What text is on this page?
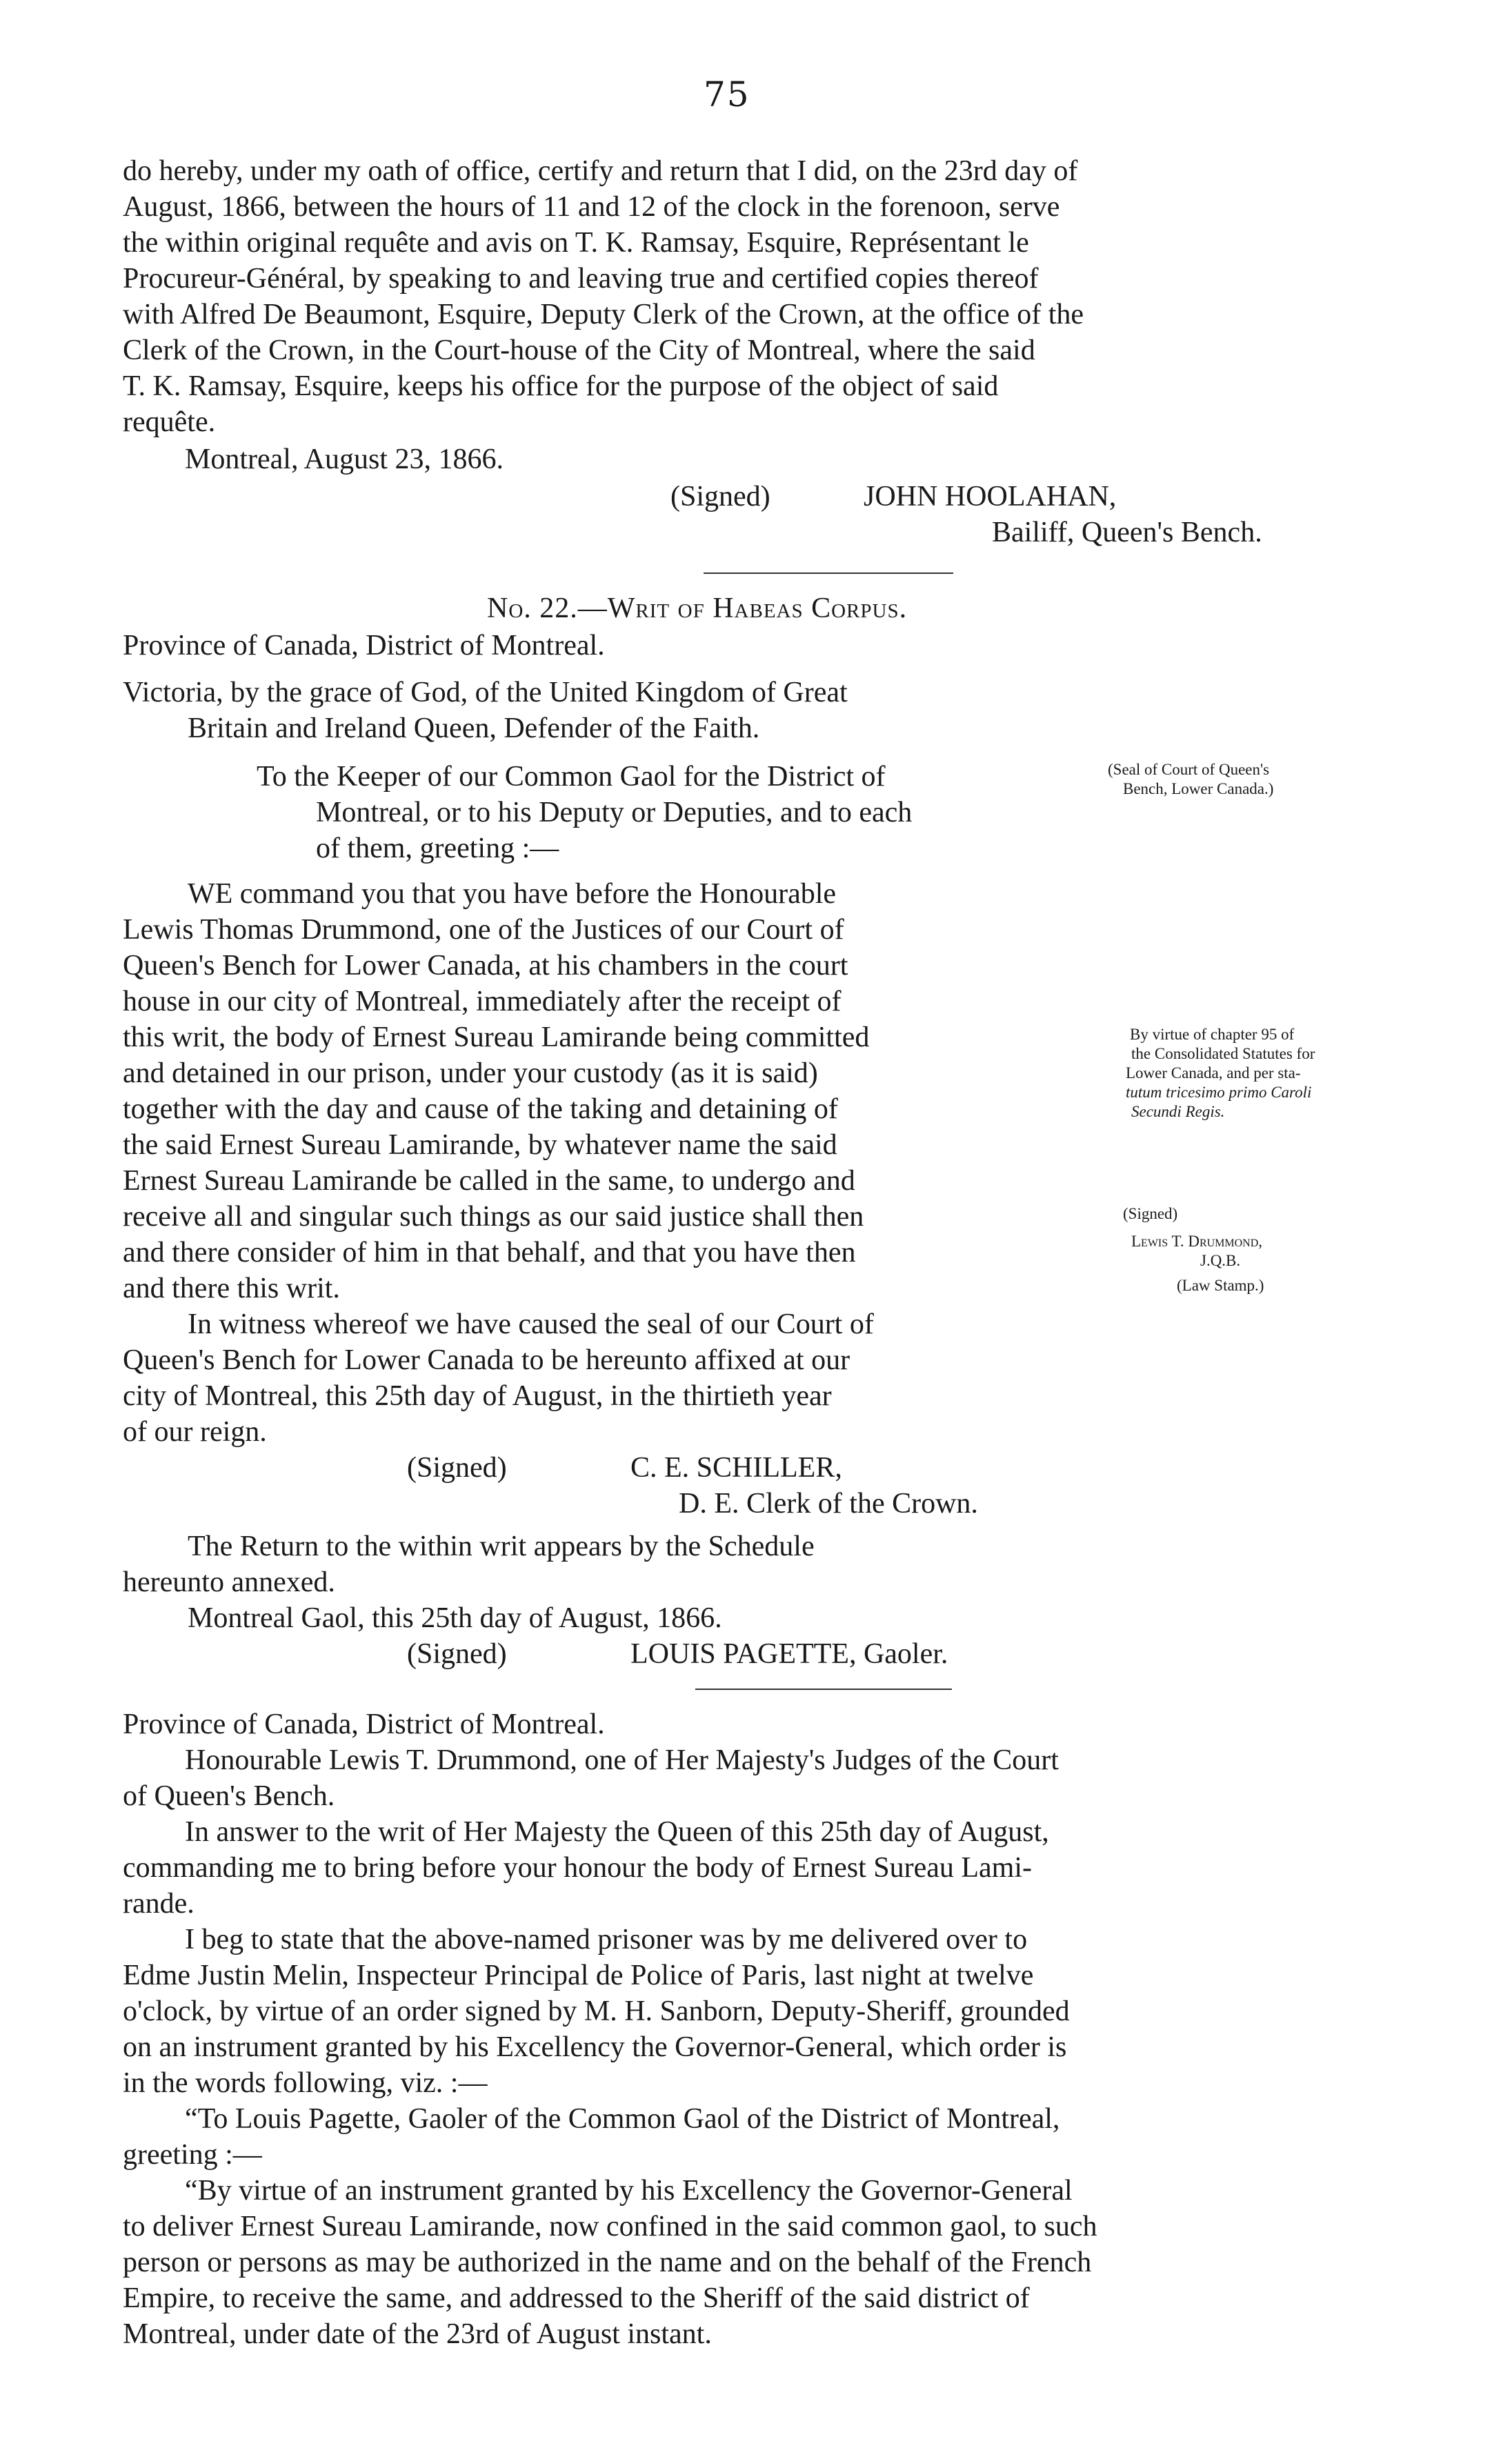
75
do hereby, under my oath of office, certify and return that I did, on the 23rd day of
August, 1866, between the hours of 11 and 12 of the clock in the forenoon, serve
the within original requête and avis on T. K. Ramsay, Esquire, Représentant le
Procureur-Général, by speaking to and leaving true and certified copies thereof
with Alfred De Beaumont, Esquire, Deputy Clerk of the Crown, at the office of the
Clerk of the Crown, in the Court-house of the City of Montreal, where the said
T. K. Ramsay, Esquire, keeps his office for the purpose of the object of said
requête.
Montreal, August 23, 1866.
(Signed)	JOHN HOOLAHAN,
Bailiff, Queen's Bench.
No. 22.—Writ of Habeas Corpus.
Province of Canada, District of Montreal.
Victoria, by the grace of God, of the United Kingdom of Great
Britain and Ireland Queen, Defender of the Faith.
To the Keeper of our Common Gaol for the District of
Montreal, or to his Deputy or Deputies, and to each
of them, greeting :—
WE command you that you have before the Honourable
Lewis Thomas Drummond, one of the Justices of our Court of
Queen's Bench for Lower Canada, at his chambers in the court
house in our city of Montreal, immediately after the receipt of
this writ, the body of Ernest Sureau Lamirande being committed
and detained in our prison, under your custody (as it is said)
together with the day and cause of the taking and detaining of
the said Ernest Sureau Lamirande, by whatever name the said
Ernest Sureau Lamirande be called in the same, to undergo and
receive all and singular such things as our said justice shall then
and there consider of him in that behalf, and that you have then
and there this writ.
In witness whereof we have caused the seal of our Court of
Queen's Bench for Lower Canada to be hereunto affixed at our
city of Montreal, this 25th day of August, in the thirtieth year
of our reign.
(Signed)	C. E. SCHILLER,
D. E. Clerk of the Crown.
The Return to the within writ appears by the Schedule
hereunto annexed.
Montreal Gaol, this 25th day of August, 1866.
(Signed)	LOUIS PAGETTE, Gaoler.
(Seal of Court of Queen's
Bench, Lower Canada.)
By virtue of chapter 95 of
the Consolidated Statutes for
Lower Canada, and per sta-
tutum tricesimo primo Caroli
Secundi Regis.
(Signed)
Lewis T. Drummond,
J.Q.B.
(Law Stamp.)
Province of Canada, District of Montreal.
Honourable Lewis T. Drummond, one of Her Majesty's Judges of the Court
of Queen's Bench.
In answer to the writ of Her Majesty the Queen of this 25th day of August,
commanding me to bring before your honour the body of Ernest Sureau Lami-
rande.
I beg to state that the above-named prisoner was by me delivered over to
Edme Justin Melin, Inspecteur Principal de Police of Paris, last night at twelve
o'clock, by virtue of an order signed by M. H. Sanborn, Deputy-Sheriff, grounded
on an instrument granted by his Excellency the Governor-General, which order is
in the words following, viz. :—
“To Louis Pagette, Gaoler of the Common Gaol of the District of Montreal,
greeting :—
“By virtue of an instrument granted by his Excellency the Governor-General
to deliver Ernest Sureau Lamirande, now confined in the said common gaol, to such
person or persons as may be authorized in the name and on the behalf of the French
Empire, to receive the same, and addressed to the Sheriff of the said district of
Montreal, under date of the 23rd of August instant.
